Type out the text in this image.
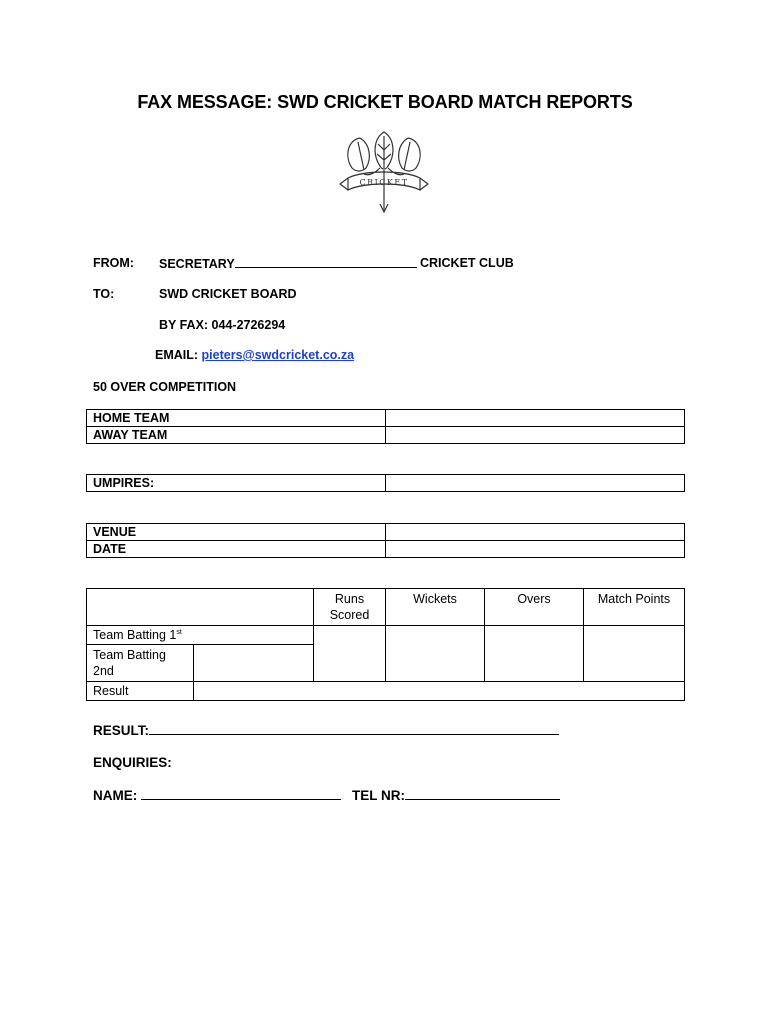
FAX MESSAGE: SWD CRICKET BOARD MATCH REPORTS
CRICKET
FROM: SECRETARY	CRICKET CLUB
TO:	SWD CRICKET BOARD
BY FAX: 044-2726294
EMAIL: pieters@swdcricket.co.za
50 OVER COMPETITION
HOME TEAM	
AWAY TEAM	
UMPIRES:	
VENUE	
DATE	
		Runs Scored	Wickets	Overs	Match Points
Team Batting 1st				
Team Batting 2nd					
Result					
RESULT:
ENQUIRIES:
NAME:	TEL NR:
